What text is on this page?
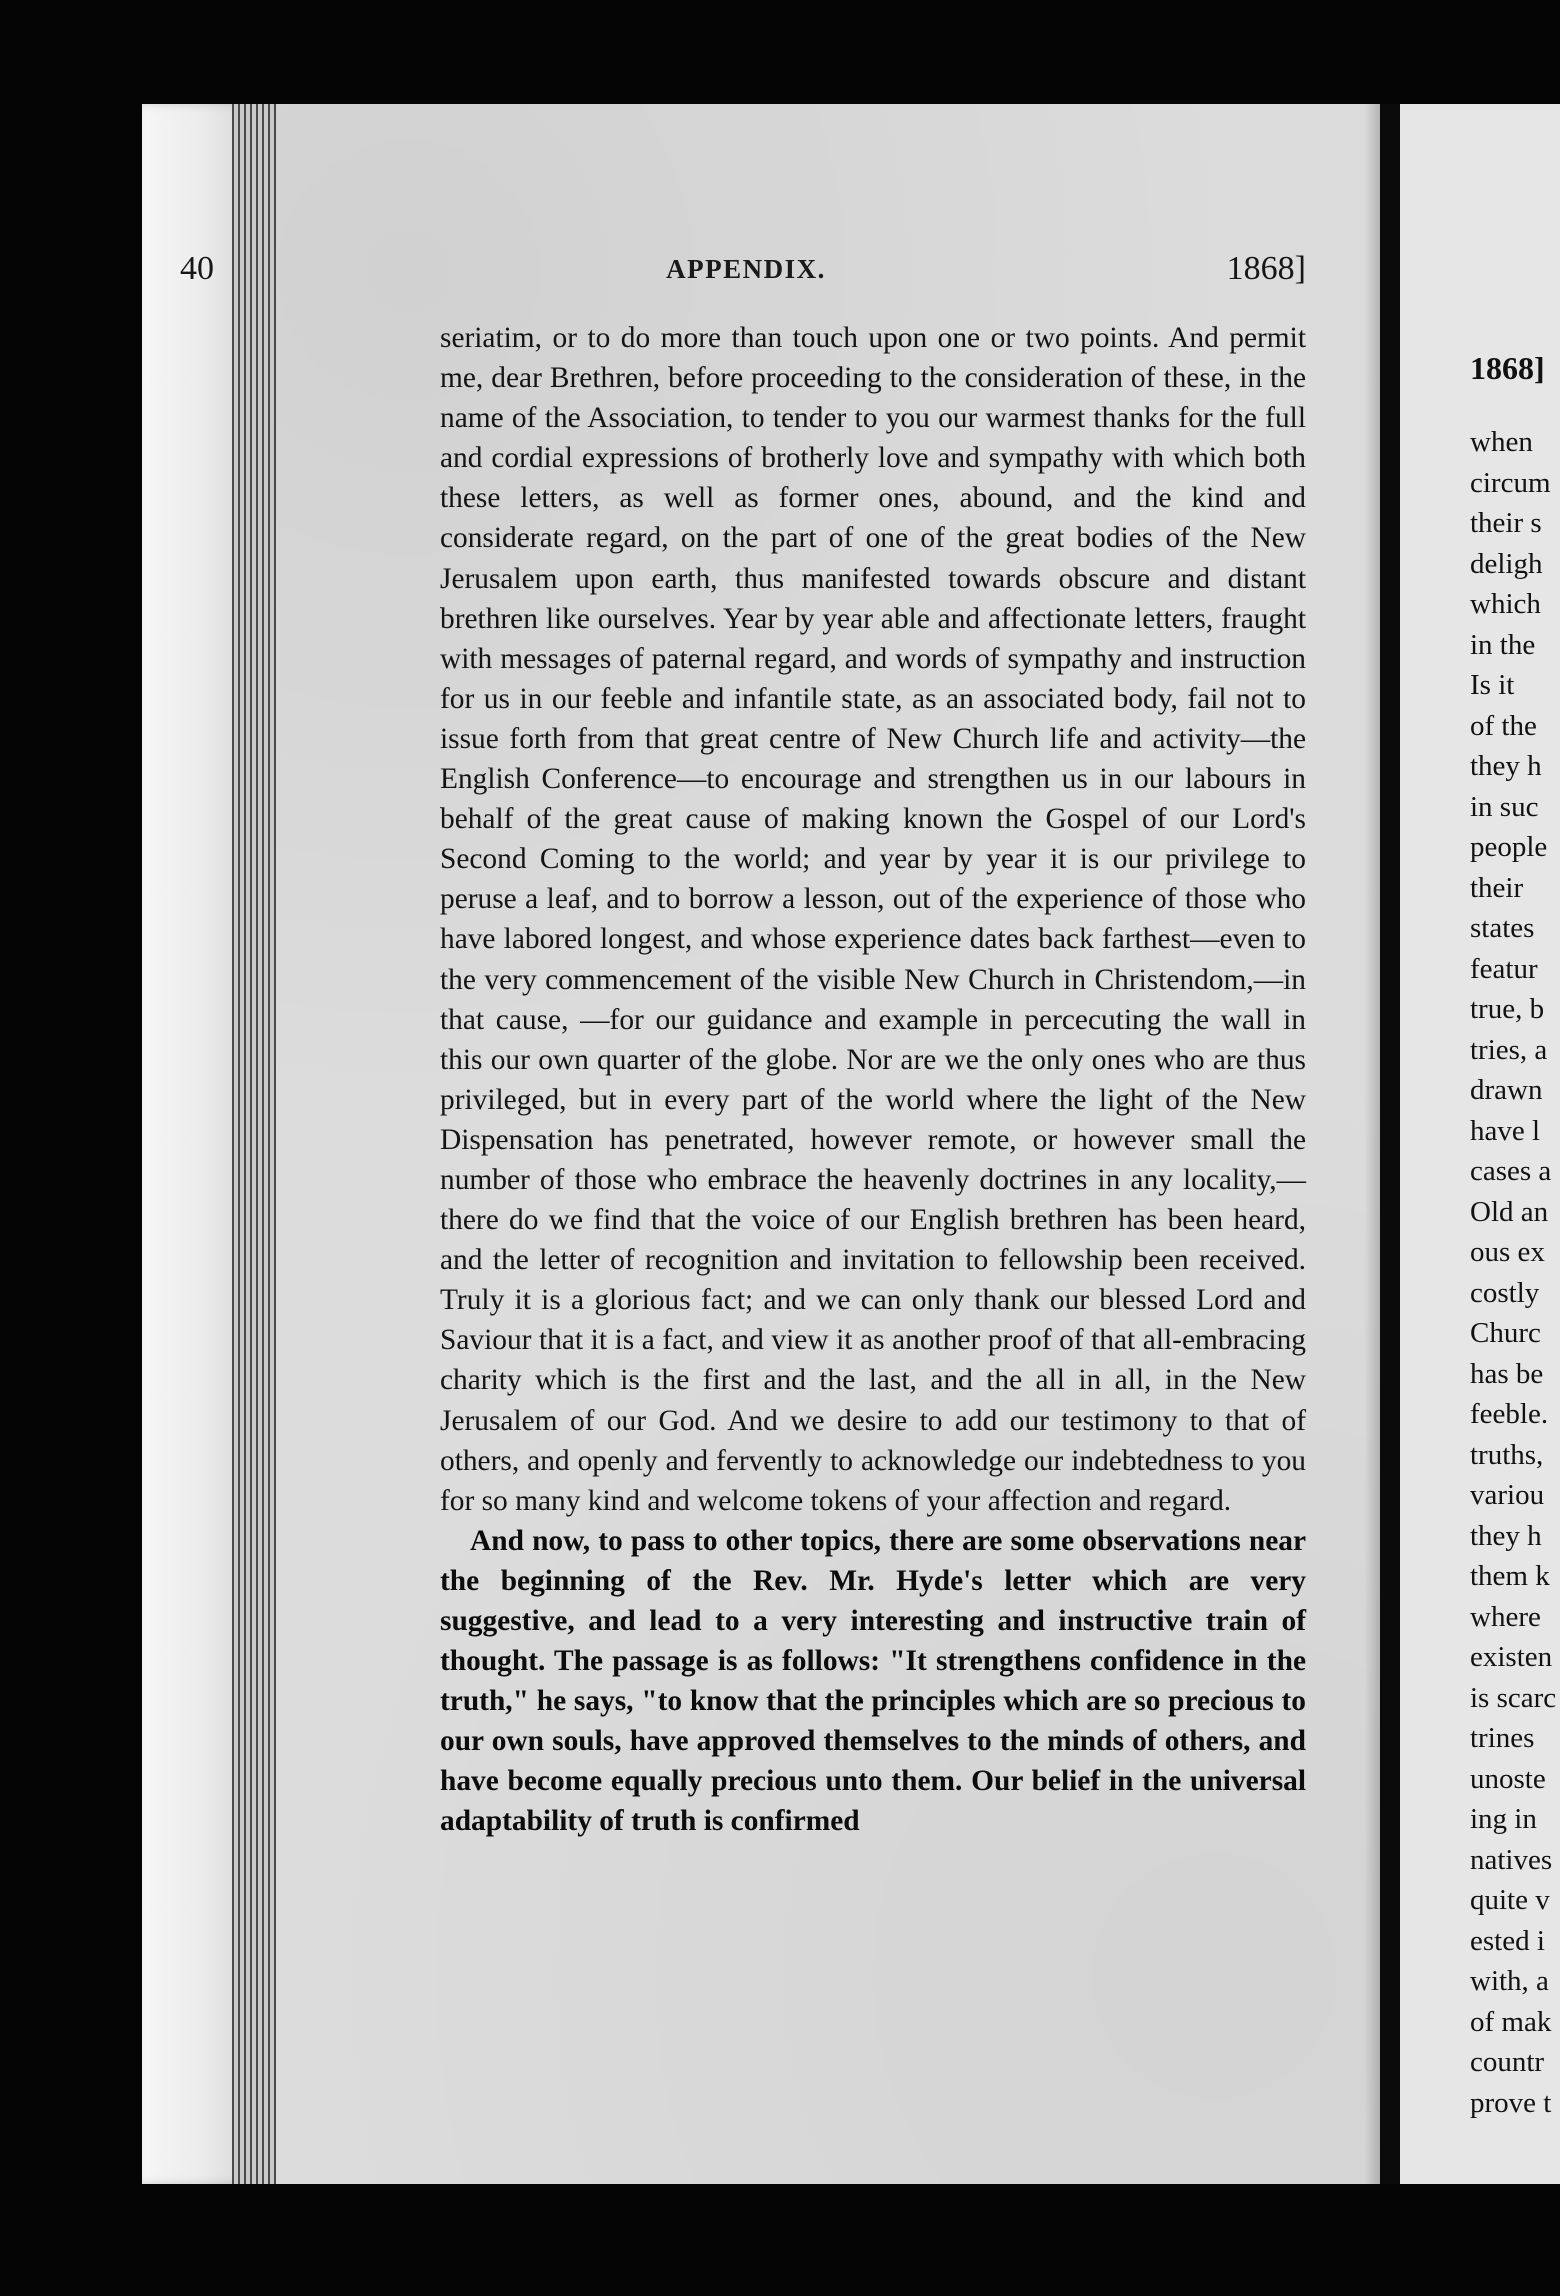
40	APPENDIX.	1868]

seriatim, or to do more than touch upon one or two points. And permit me, dear Brethren, before proceeding to the consideration of these, in the name of the Association, to tender to you our warmest thanks for the full and cordial expressions of brotherly love and sympathy with which both these letters, as well as former ones, abound, and the kind and considerate regard, on the part of one of the great bodies of the New Jerusalem upon earth, thus manifested towards obscure and distant brethren like ourselves. Year by year able and affectionate letters, fraught with messages of paternal regard, and words of sympathy and instruction for us in our feeble and infantile state, as an associated body, fail not to issue forth from that great centre of New Church life and activity—the English Conference—to encourage and strengthen us in our labours in behalf of the great cause of making known the Gospel of our Lord's Second Coming to the world; and year by year it is our privilege to peruse a leaf, and to borrow a lesson, out of the experience of those who have labored longest, and whose experience dates back farthest—even to the very commencement of the visible New Church in Christendom,—in that cause, —for our guidance and example in percecuting the wall in this our own quarter of the globe. Nor are we the only ones who are thus privileged, but in every part of the world where the light of the New Dispensation has penetrated, however remote, or however small the number of those who embrace the heavenly doctrines in any locality,—there do we find that the voice of our English brethren has been heard, and the letter of recognition and invitation to fellowship been received. Truly it is a glorious fact; and we can only thank our blessed Lord and Saviour that it is a fact, and view it as another proof of that all-embracing charity which is the first and the last, and the all in all, in the New Jerusalem of our God. And we desire to add our testimony to that of others, and openly and fervently to acknowledge our indebtedness to you for so many kind and welcome tokens of your affection and regard.

And now, to pass to other topics, there are some observations near the beginning of the Rev. Mr. Hyde's letter which are very suggestive, and lead to a very interesting and instructive train of thought. The passage is as follows: "It strengthens confidence in the truth," he says, "to know that the principles which are so precious to our own souls, have approved themselves to the minds of others, and have become equally precious unto them. Our belief in the universal adaptability of truth is confirmed

1868]
when
circum
their s
deligh
which
in the
Is it
of the
they h
in suc
people
their
states
featur
true, b
tries, a
drawn
have l
cases a
Old an
ous ex
costly
Churc
has be
feeble.
truths,
variou
they h
them k
where
existen
is scarc
trines
unoste
ing in
natives
quite v
ested i
with, a
of mak
countr
prove t
